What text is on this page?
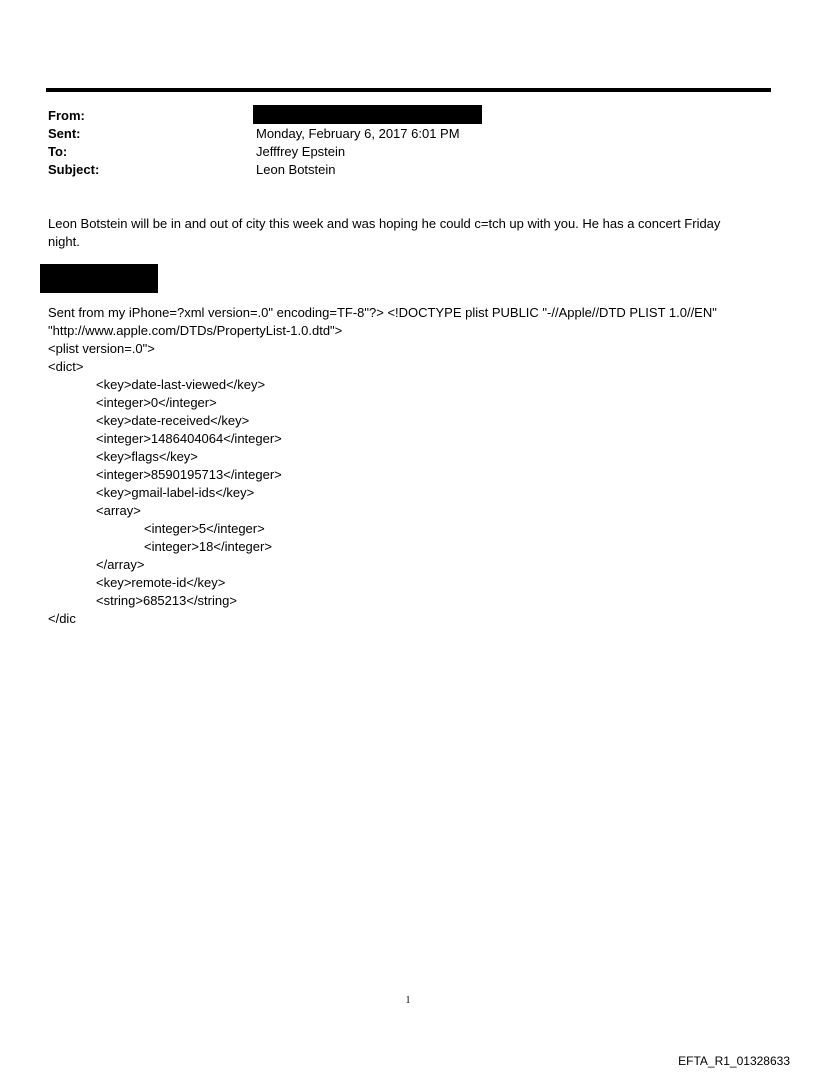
From:
Sent:	Monday, February 6, 2017 6:01 PM
To:	Jefffrey Epstein
Subject:	Leon Botstein

Leon Botstein will be in and out of city this week and was hoping he could c=tch up with you. He has a concert Friday

night.

Sent from my iPhone=?xml version=.0" encoding=TF-8"?> <!DOCTYPE plist PUBLIC "-//Apple//DTD PLIST 1.0//EN"
"http://www.apple.com/DTDs/PropertyList-1.0.dtd">
<plist version=.0">
<dict>
<key>date-last-viewed</key>
<integer>0</integer>
<key>date-received</key>
<integer>1486404064</integer>
<key>flags</key>
<integer>8590195713</integer>
<key>gmail-label-ids</key>
<array>
<integer>5</integer>
<integer>18</integer>
</array>
<key>remote-id</key>
<string>685213</string>
</dic
1
EFTA_R1_01328633
